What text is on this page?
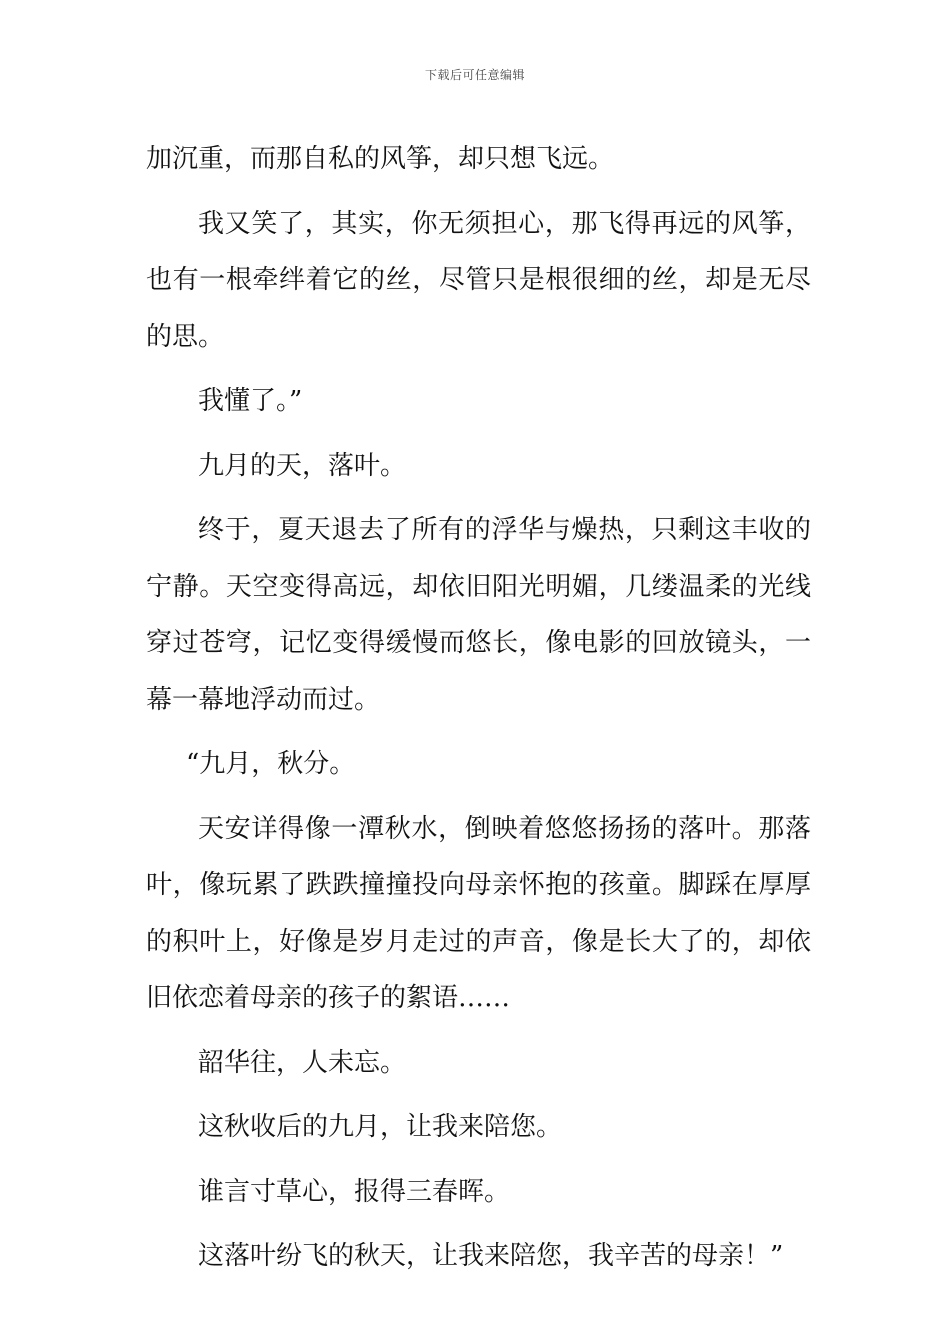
下载后可任意编辑

加沉重，而那自私的风筝，却只想飞远。

我又笑了，其实，你无须担心，那飞得再远的风筝，也有一根牵绊着它的丝，尽管只是根很细的丝，却是无尽的思。

我懂了。”

九月的天，落叶。

终于，夏天退去了所有的浮华与燥热，只剩这丰收的宁静。天空变得高远，却依旧阳光明媚，几缕温柔的光线穿过苍穹，记忆变得缓慢而悠长，像电影的回放镜头，一幕一幕地浮动而过。

“九月，秋分。

天安详得像一潭秋水，倒映着悠悠扬扬的落叶。那落叶，像玩累了跌跌撞撞投向母亲怀抱的孩童。脚踩在厚厚的积叶上，好像是岁月走过的声音，像是长大了的，却依旧依恋着母亲的孩子的絮语……

韶华往，人未忘。

这秋收后的九月，让我来陪您。

谁言寸草心，报得三春晖。

这落叶纷飞的秋天，让我来陪您，我辛苦的母亲！”
